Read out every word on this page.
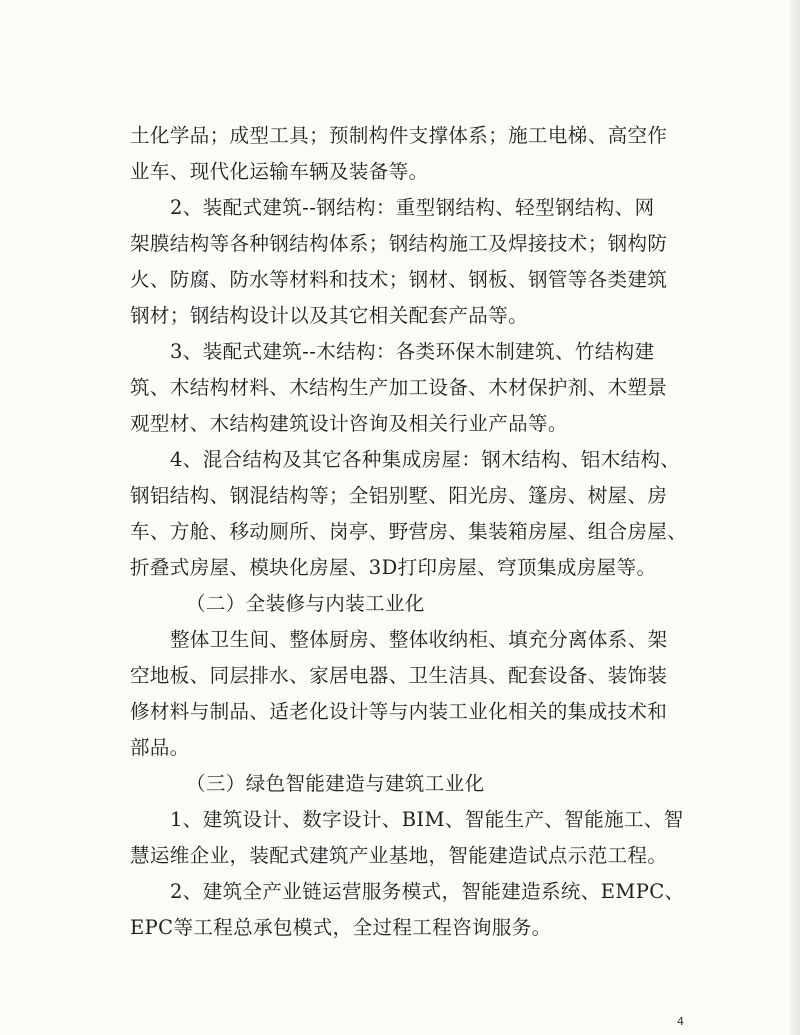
土化学品；成型工具；预制构件支撑体系；施工电梯、高空作
业车、现代化运输车辆及装备等。
2、装配式建筑--钢结构：重型钢结构、轻型钢结构、网
架膜结构等各种钢结构体系；钢结构施工及焊接技术；钢构防
火、防腐、防水等材料和技术；钢材、钢板、钢管等各类建筑
钢材；钢结构设计以及其它相关配套产品等。
3、装配式建筑--木结构：各类环保木制建筑、竹结构建
筑、木结构材料、木结构生产加工设备、木材保护剂、木塑景
观型材、木结构建筑设计咨询及相关行业产品等。
4、混合结构及其它各种集成房屋：钢木结构、铝木结构、
钢铝结构、钢混结构等；全铝别墅、阳光房、篷房、树屋、房
车、方舱、移动厕所、岗亭、野营房、集装箱房屋、组合房屋、
折叠式房屋、模块化房屋、3D打印房屋、穹顶集成房屋等。
（二）全装修与内装工业化
整体卫生间、整体厨房、整体收纳柜、填充分离体系、架
空地板、同层排水、家居电器、卫生洁具、配套设备、装饰装
修材料与制品、适老化设计等与内装工业化相关的集成技术和
部品。
（三）绿色智能建造与建筑工业化
1、建筑设计、数字设计、BIM、智能生产、智能施工、智
慧运维企业，装配式建筑产业基地，智能建造试点示范工程。
2、建筑全产业链运营服务模式，智能建造系统、EMPC、
EPC等工程总承包模式，全过程工程咨询服务。

4
